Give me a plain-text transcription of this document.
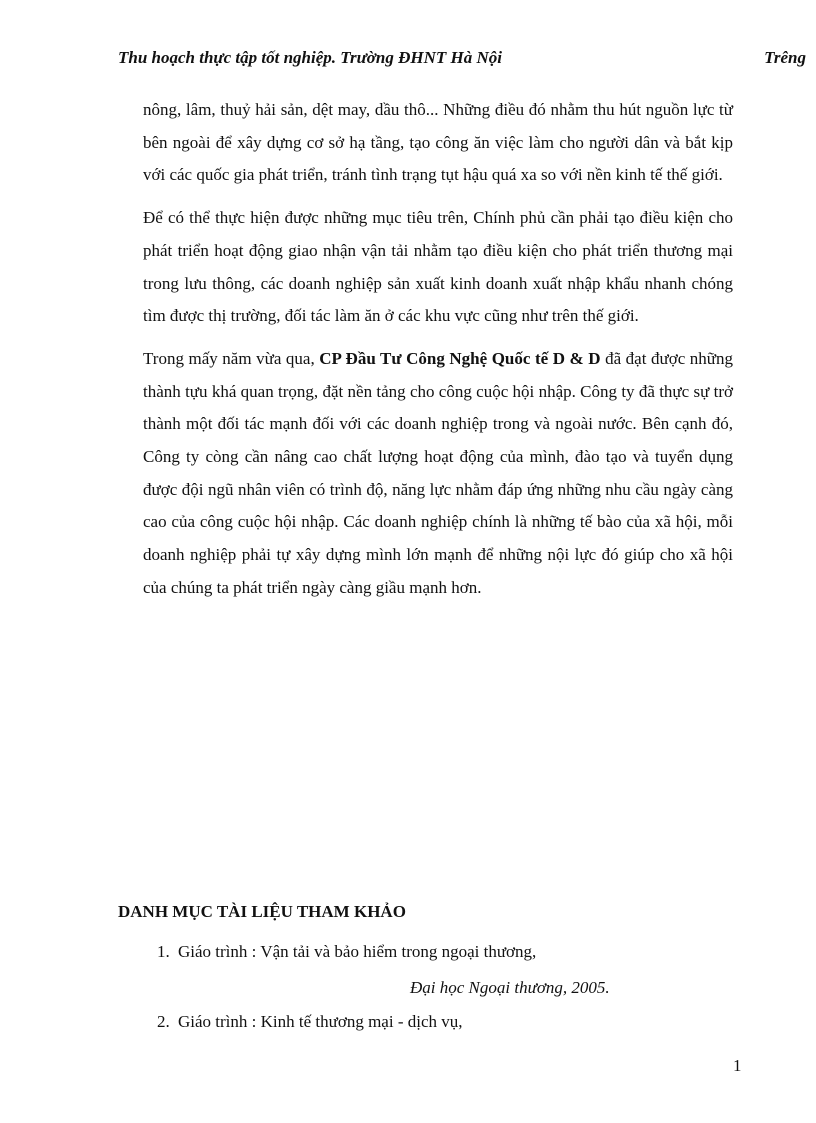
Thu hoạch thực tập tốt nghiệp. Trường ĐHNT Hà Nội	Trêng

nông, lâm, thuỷ hải sản, dệt may, dầu thô... Những điều đó nhằm thu hút nguồn lực từ bên ngoài để xây dựng cơ sở hạ tầng, tạo công ăn việc làm cho người dân và bắt kịp với các quốc gia phát triển, tránh tình trạng tụt hậu quá xa so với nền kinh tế thế giới.

Để có thể thực hiện được những mục tiêu trên, Chính phủ cần phải tạo điều kiện cho phát triển hoạt động giao nhận vận tải nhằm tạo điều kiện cho phát triển thương mại trong lưu thông, các doanh nghiệp sản xuất kinh doanh xuất nhập khẩu nhanh chóng tìm được thị trường, đối tác làm ăn ở các khu vực cũng như trên thế giới.

Trong mấy năm vừa qua, CP Đầu Tư Công Nghệ Quốc tế D & D đã đạt được những thành tựu khá quan trọng, đặt nền tảng cho công cuộc hội nhập. Công ty đã thực sự trở thành một đối tác mạnh đối với các doanh nghiệp trong và ngoài nước. Bên cạnh đó, Công ty còng cần nâng cao chất lượng hoạt động của mình, đào tạo và tuyển dụng được đội ngũ nhân viên có trình độ, năng lực nhằm đáp ứng những nhu cầu ngày càng cao của công cuộc hội nhập. Các doanh nghiệp chính là những tế bào của xã hội, mỗi doanh nghiệp phải tự xây dựng mình lớn mạnh để những nội lực đó giúp cho xã hội của chúng ta phát triển ngày càng giầu mạnh hơn.

DANH MỤC TÀI LIỆU THAM KHẢO
1. Giáo trình : Vận tải và bảo hiểm trong ngoại thương,
Đại học Ngoại thương, 2005.
2. Giáo trình : Kinh tế thương mại - dịch vụ,
1
